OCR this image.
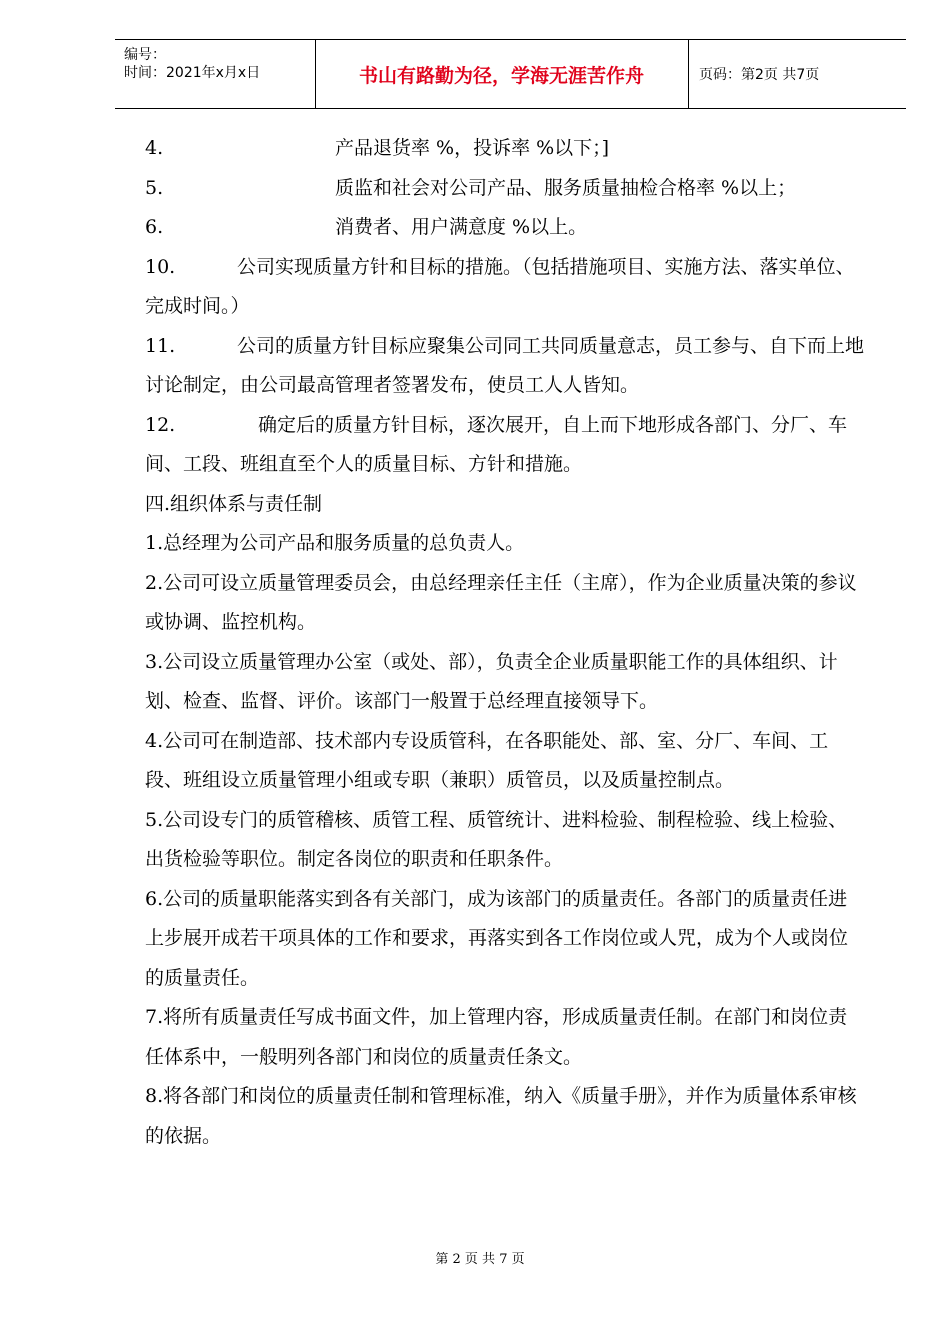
编号：
时间：2021年x月x日	书山有路勤为径，学海无涯苦作舟	页码：第2页 共7页

4.	产品退货率 %，投诉率 %以下；]

5.	质监和社会对公司产品、服务质量抽检合格率 %以上；

6.	消费者、用户满意度 %以上。

10.	公司实现质量方针和目标的措施。（包括措施项目、实施方法、落实单位、完成时间。）

11.	公司的质量方针目标应聚集公司同工共同质量意志，员工参与、自下而上地讨论制定，由公司最高管理者签署发布，使员工人人皆知。

12.	确定后的质量方针目标，逐次展开，自上而下地形成各部门、分厂、车间、工段、班组直至个人的质量目标、方针和措施。

四.组织体系与责任制

1.总经理为公司产品和服务质量的总负责人。

2.公司可设立质量管理委员会，由总经理亲任主任（主席），作为企业质量决策的参议或协调、监控机构。

3.公司设立质量管理办公室（或处、部），负责全企业质量职能工作的具体组织、计划、检查、监督、评价。该部门一般置于总经理直接领导下。

4.公司可在制造部、技术部内专设质管科，在各职能处、部、室、分厂、车间、工段、班组设立质量管理小组或专职（兼职）质管员，以及质量控制点。

5.公司设专门的质管稽核、质管工程、质管统计、进料检验、制程检验、线上检验、出货检验等职位。制定各岗位的职责和任职条件。

6.公司的质量职能落实到各有关部门，成为该部门的质量责任。各部门的质量责任进上步展开成若干项具体的工作和要求，再落实到各工作岗位或人咒，成为个人或岗位的质量责任。

7.将所有质量责任写成书面文件，加上管理内容，形成质量责任制。在部门和岗位责任体系中，一般明列各部门和岗位的质量责任条文。

8.将各部门和岗位的质量责任制和管理标准，纳入《质量手册》，并作为质量体系审核的依据。

第 2 页 共 7 页
